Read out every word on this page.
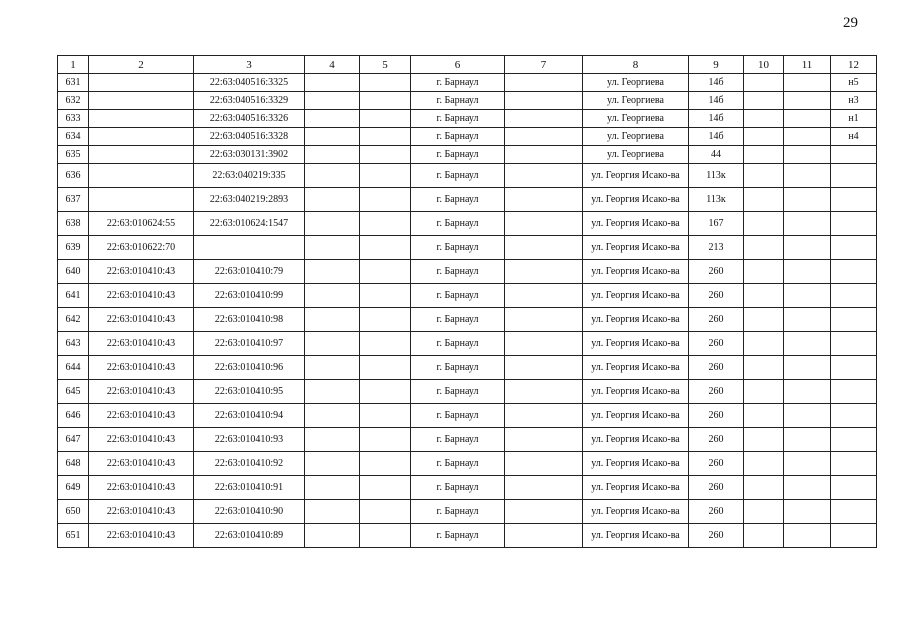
29
1	2	3	4	5	6	7	8	9	10	11	12
631		22:63:040516:3325			г. Барнаул		ул. Георгиева	14б			н5
632		22:63:040516:3329			г. Барнаул		ул. Георгиева	14б			н3
633		22:63:040516:3326			г. Барнаул		ул. Георгиева	14б			н1
634		22:63:040516:3328			г. Барнаул		ул. Георгиева	14б			н4
635		22:63:030131:3902			г. Барнаул		ул. Георгиева	44			
636		22:63:040219:335			г. Барнаул		ул. Георгия Исако-ва	113к			
637		22:63:040219:2893			г. Барнаул		ул. Георгия Исако-ва	113к			
638	22:63:010624:55	22:63:010624:1547			г. Барнаул		ул. Георгия Исако-ва	167			
639	22:63:010622:70				г. Барнаул		ул. Георгия Исако-ва	213			
640	22:63:010410:43	22:63:010410:79			г. Барнаул		ул. Георгия Исако-ва	260			
641	22:63:010410:43	22:63:010410:99			г. Барнаул		ул. Георгия Исако-ва	260			
642	22:63:010410:43	22:63:010410:98			г. Барнаул		ул. Георгия Исако-ва	260			
643	22:63:010410:43	22:63:010410:97			г. Барнаул		ул. Георгия Исако-ва	260			
644	22:63:010410:43	22:63:010410:96			г. Барнаул		ул. Георгия Исако-ва	260			
645	22:63:010410:43	22:63:010410:95			г. Барнаул		ул. Георгия Исако-ва	260			
646	22:63:010410:43	22:63:010410:94			г. Барнаул		ул. Георгия Исако-ва	260			
647	22:63:010410:43	22:63:010410:93			г. Барнаул		ул. Георгия Исако-ва	260			
648	22:63:010410:43	22:63:010410:92			г. Барнаул		ул. Георгия Исако-ва	260			
649	22:63:010410:43	22:63:010410:91			г. Барнаул		ул. Георгия Исако-ва	260			
650	22:63:010410:43	22:63:010410:90			г. Барнаул		ул. Георгия Исако-ва	260			
651	22:63:010410:43	22:63:010410:89			г. Барнаул		ул. Георгия Исако-ва	260			
